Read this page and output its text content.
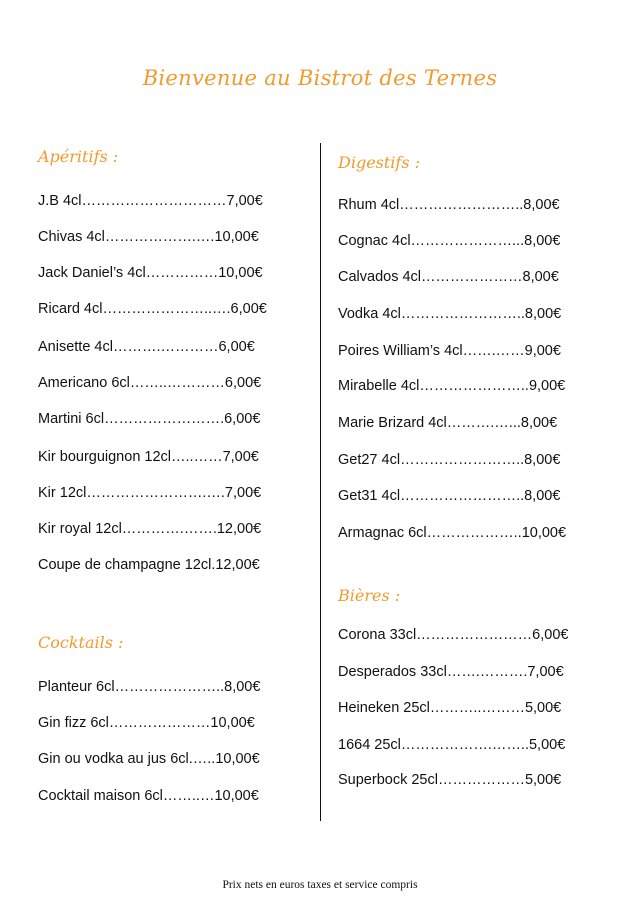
Bienvenue au Bistrot des Ternes
Apéritifs :
J.B 4cl…………………………7,00€
Chivas 4cl……………….….10,00€
Jack Daniel’s 4cl……………10,00€
Ricard 4cl…………………..….6,00€
Anisette 4cl……….…………6,00€
Americano 6cl……..…………6,00€
Martini 6cl…………………….6,00€
Kir bourguignon 12cl…..……7,00€
Kir 12cl…………………….….7,00€
Kir royal 12cl………….…….12,00€
Coupe de champagne 12cl.12,00€
Cocktails :
Planteur 6cl…………………..8,00€
Gin fizz 6cl…………………10,00€
Gin ou vodka au jus 6cl.…..10,00€
Cocktail maison 6cl……..…10,00€
Digestifs :
Rhum 4cl……………………..8,00€
Cognac 4cl…………………...8,00€
Calvados 4cl…………………8,00€
Vodka 4cl……………………..8,00€
Poires William’s 4cl…….……9,00€
Mirabelle 4cl…………………..9,00€
Marie Brizard 4cl……….…...8,00€
Get27 4cl……………………..8,00€
Get31 4cl……………………..8,00€
Armagnac 6cl………………..10,00€
Bières :
Corona 33cl……………………6,00€
Desperados 33cl…….……….7,00€
Heineken 25cl………..………5,00€
1664 25cl……………….……..5,00€
Superbock 25cl………………5,00€
Prix nets en euros taxes et service compris
